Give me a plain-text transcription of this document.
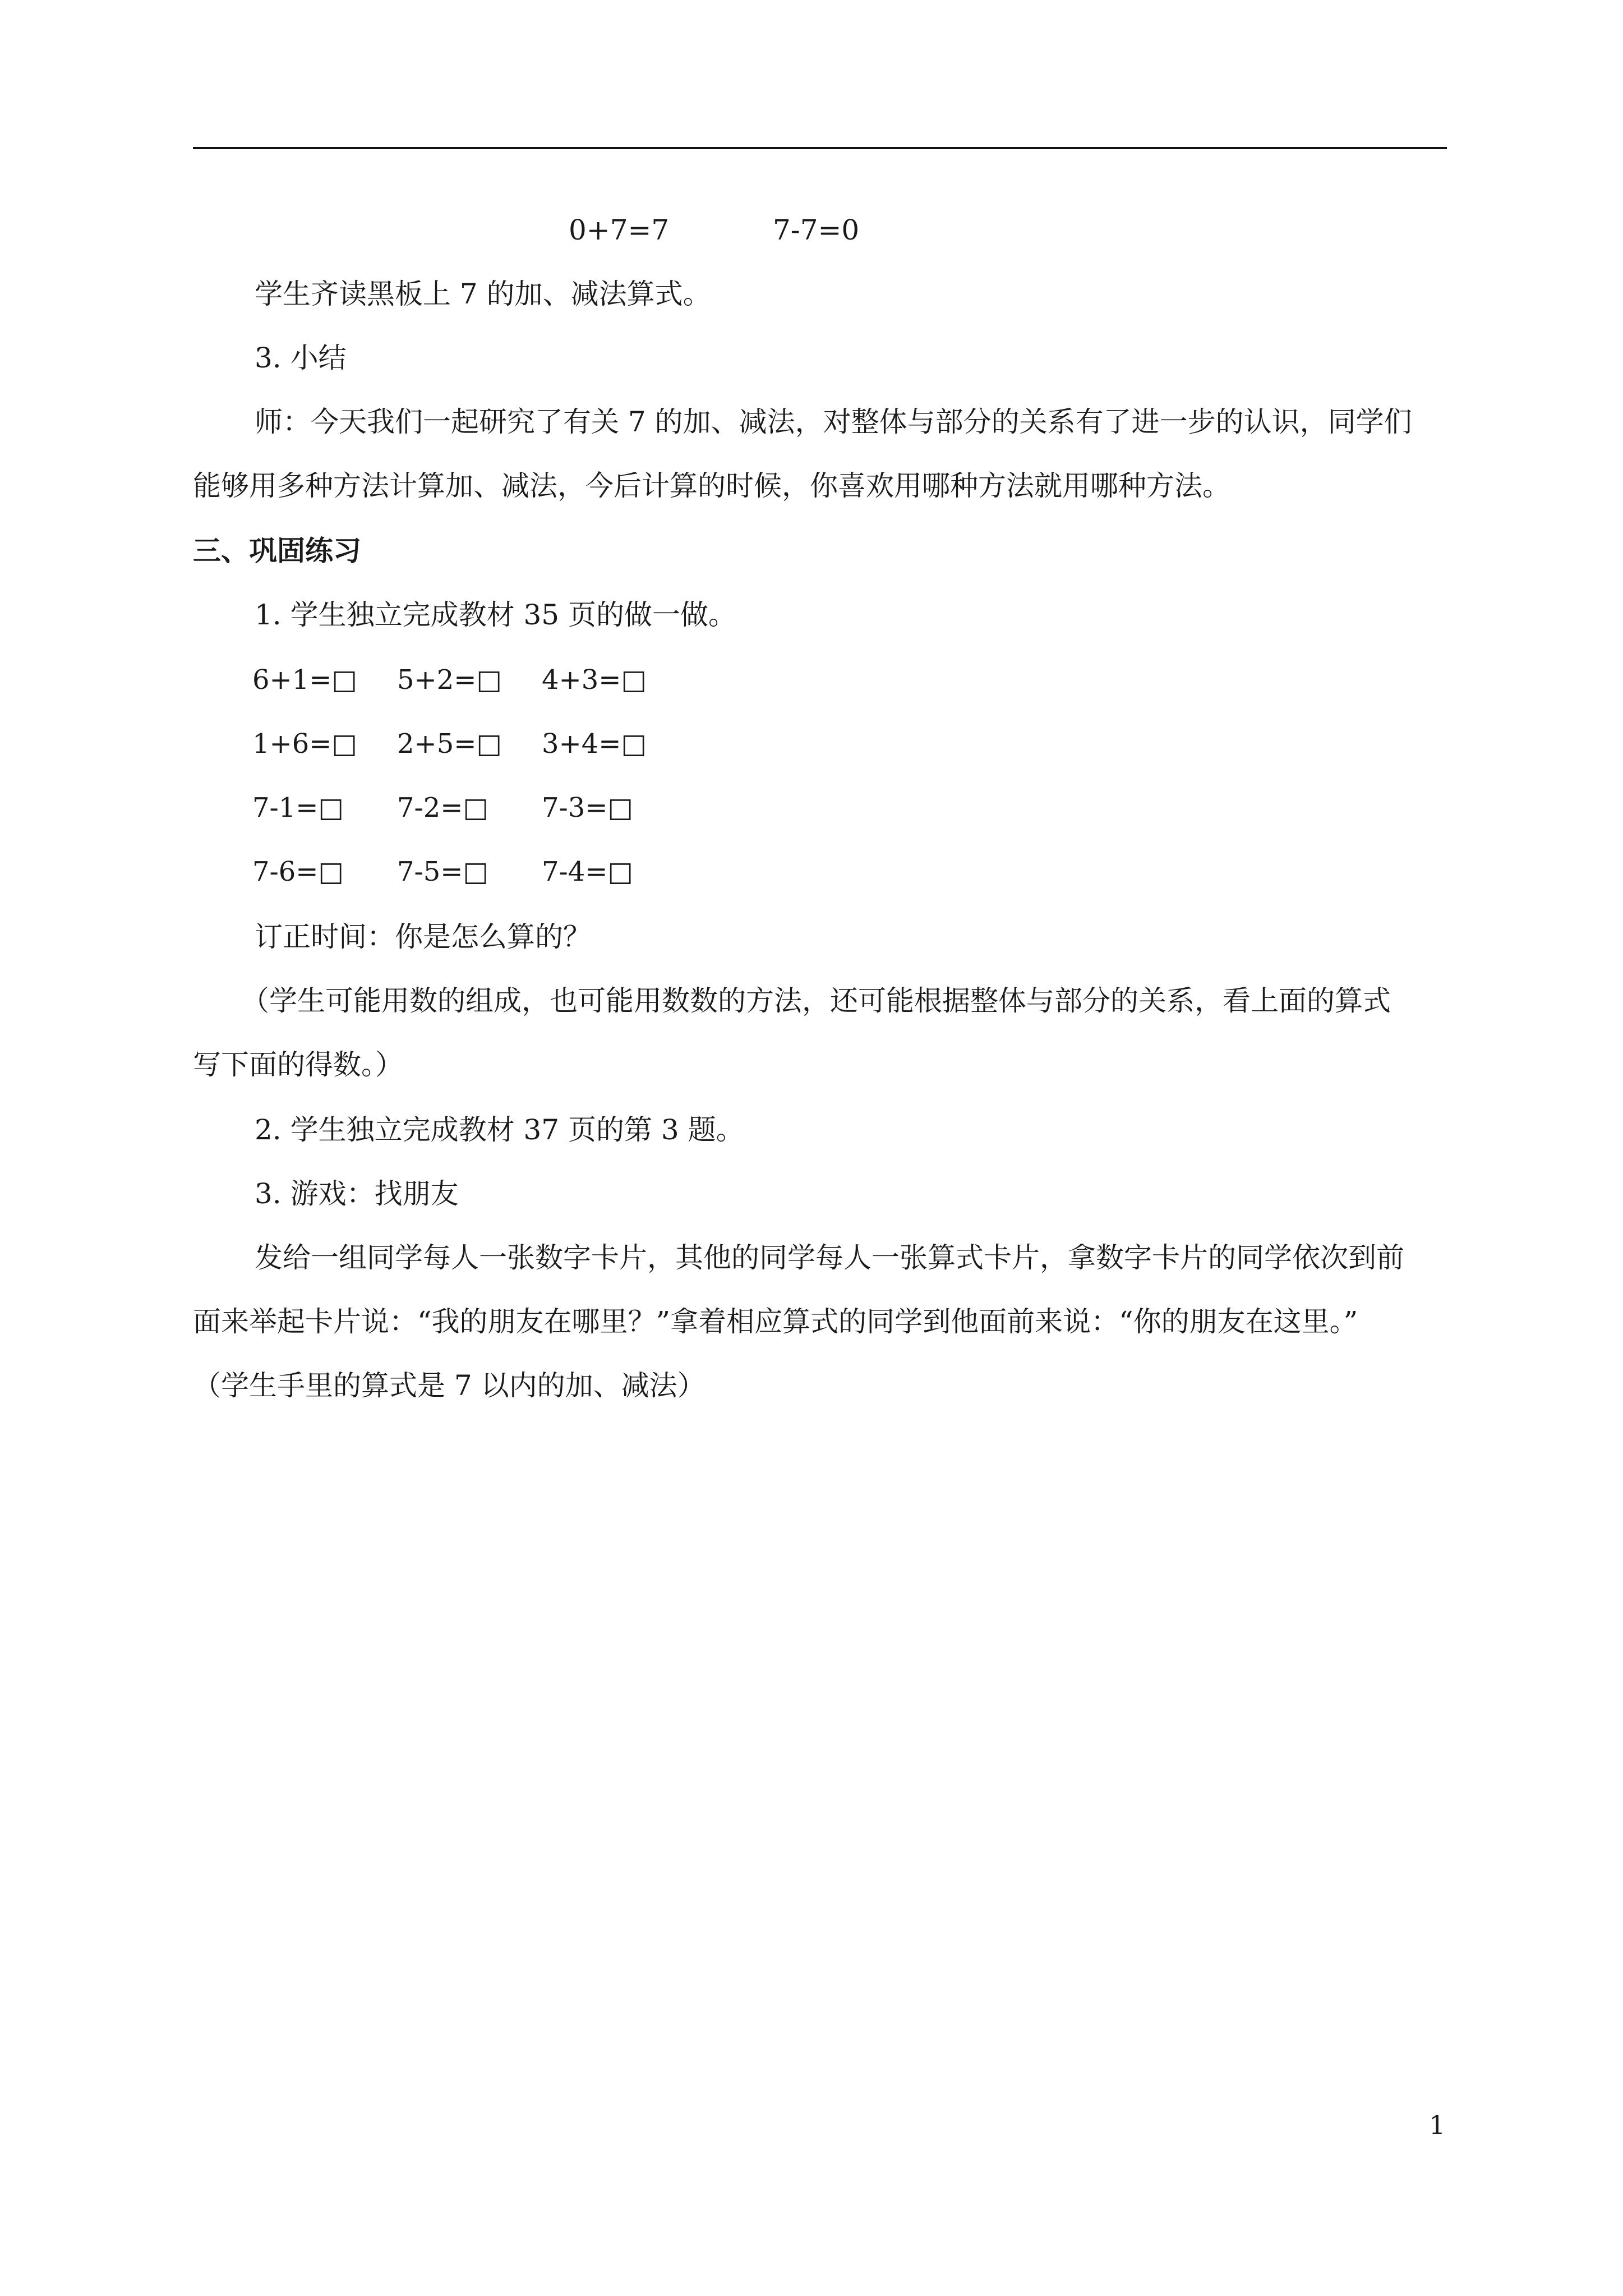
0+7=7	7-7=0
学生齐读黑板上 7 的加、减法算式。
3. 小结
师：今天我们一起研究了有关 7 的加、减法，对整体与部分的关系有了进一步的认识，同学们
能够用多种方法计算加、减法，今后计算的时候，你喜欢用哪种方法就用哪种方法。
三、巩固练习
1. 学生独立完成教材 35 页的做一做。
6+1=□ 5+2=□ 4+3=□
1+6=□ 2+5=□ 3+4=□
7-1=□ 7-2=□ 7-3=□
7-6=□ 7-5=□ 7-4=□
订正时间：你是怎么算的？
（学生可能用数的组成，也可能用数数的方法，还可能根据整体与部分的关系，看上面的算式
写下面的得数。）
2. 学生独立完成教材 37 页的第 3 题。
3. 游戏：找朋友
发给一组同学每人一张数字卡片，其他的同学每人一张算式卡片，拿数字卡片的同学依次到前
面来举起卡片说：“我的朋友在哪里？”拿着相应算式的同学到他面前来说：“你的朋友在这里。”
（学生手里的算式是 7 以内的加、减法）
1
